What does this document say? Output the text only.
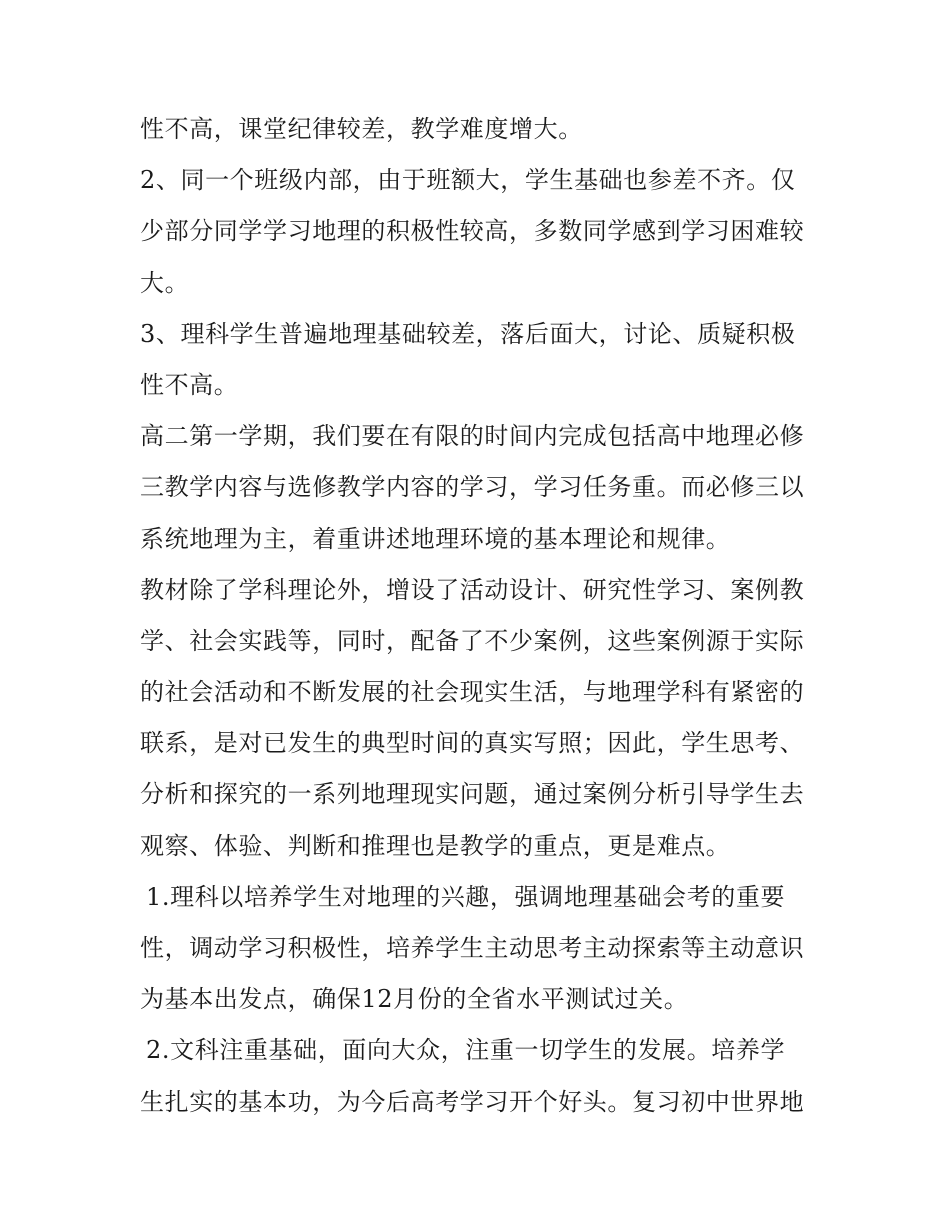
性不高，课堂纪律较差，教学难度增大。
2、同一个班级内部，由于班额大，学生基础也参差不齐。仅
少部分同学学习地理的积极性较高，多数同学感到学习困难较
大。
3、理科学生普遍地理基础较差，落后面大，讨论、质疑积极
性不高。
高二第一学期，我们要在有限的时间内完成包括高中地理必修
三教学内容与选修教学内容的学习，学习任务重。而必修三以
系统地理为主，着重讲述地理环境的基本理论和规律。
教材除了学科理论外，增设了活动设计、研究性学习、案例教
学、社会实践等，同时，配备了不少案例，这些案例源于实际
的社会活动和不断发展的社会现实生活，与地理学科有紧密的
联系，是对已发生的典型时间的真实写照；因此，学生思考、
分析和探究的一系列地理现实问题，通过案例分析引导学生去
观察、体验、判断和推理也是教学的重点，更是难点。
1.理科以培养学生对地理的兴趣，强调地理基础会考的重要
性，调动学习积极性，培养学生主动思考主动探索等主动意识
为基本出发点，确保12月份的全省水平测试过关。
2.文科注重基础，面向大众，注重一切学生的发展。培养学
生扎实的基本功，为今后高考学习开个好头。复习初中世界地
